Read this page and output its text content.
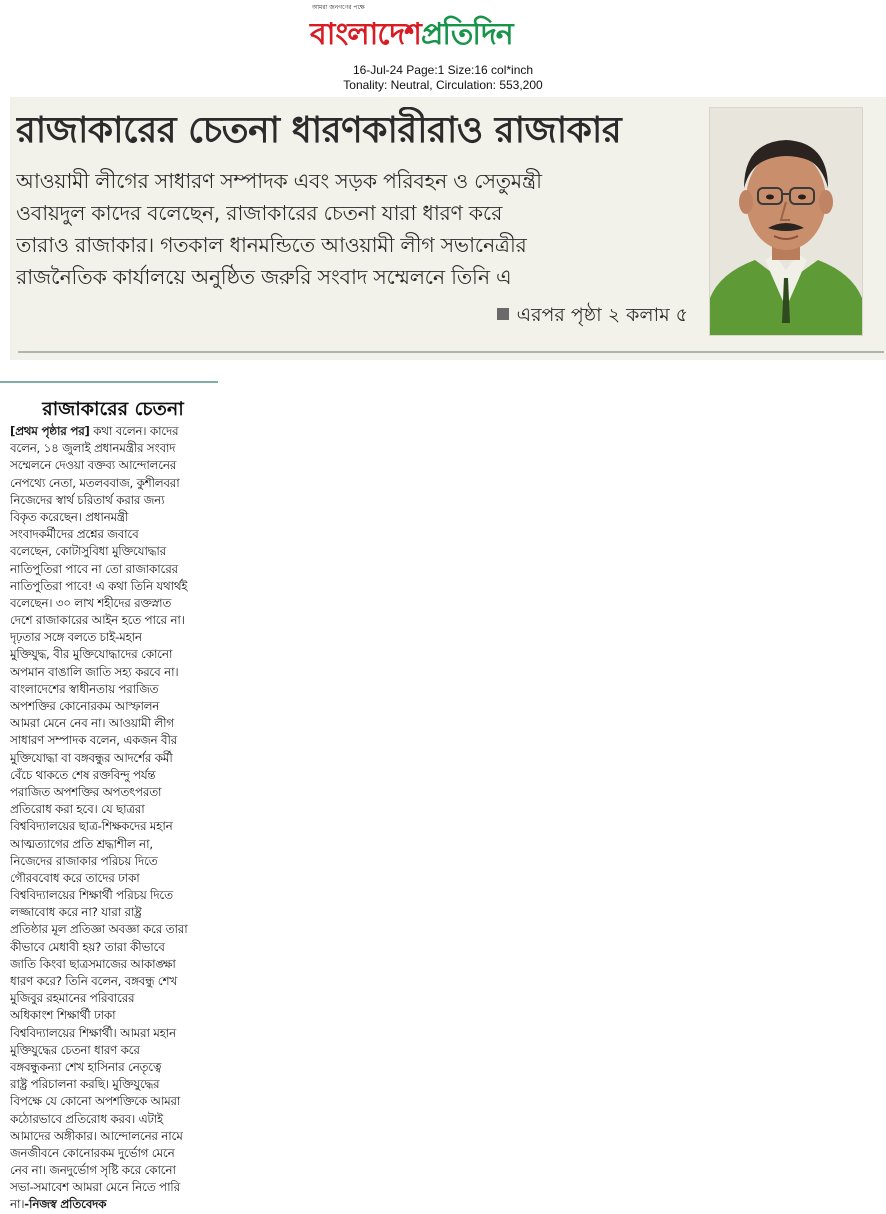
আমরা জনগণের পক্ষে
বাংলাদেশপ্রতিদিন
16-Jul-24 Page:1 Size:16 col*inch
Tonality: Neutral, Circulation: 553,200
রাজাকারের চেতনা ধারণকারীরাও রাজাকার
আওয়ামী লীগের সাধারণ সম্পাদক এবং সড়ক পরিবহন ও সেতুমন্ত্রী
ওবায়দুল কাদের বলেছেন, রাজাকারের চেতনা যারা ধারণ করে
তারাও রাজাকার। গতকাল ধানমন্ডিতে আওয়ামী লীগ সভানেত্রীর
রাজনৈতিক কার্যালয়ে অনুষ্ঠিত জরুরি সংবাদ সম্মেলনে তিনি এ
এরপর পৃষ্ঠা ২ কলাম ৫
রাজাকারের চেতনা
[প্রথম পৃষ্ঠার পর] কথা বলেন। কাদের
বলেন, ১৪ জুলাই প্রধানমন্ত্রীর সংবাদ
সম্মেলনে দেওয়া বক্তব্য আন্দোলনের
নেপথ্যে নেতা, মতলববাজ, কুশীলবরা
নিজেদের স্বার্থ চরিতার্থ করার জন্য
বিকৃত করেছেন। প্রধানমন্ত্রী
সংবাদকর্মীদের প্রশ্নের জবাবে
বলেছেন, কোটাসুবিধা মুক্তিযোদ্ধার
নাতিপুতিরা পাবে না তো রাজাকারের
নাতিপুতিরা পাবে! এ কথা তিনি যথার্থই
বলেছেন। ৩০ লাখ শহীদের রক্তস্নাত
দেশে রাজাকারের আইন হতে পারে না।
দৃঢ়তার সঙ্গে বলতে চাই-মহান
মুক্তিযুদ্ধ, বীর মুক্তিযোদ্ধাদের কোনো
অপমান বাঙালি জাতি সহ্য করবে না।
বাংলাদেশের স্বাধীনতায় পরাজিত
অপশক্তির কোনোরকম আস্ফালন
আমরা মেনে নেব না। আওয়ামী লীগ
সাধারণ সম্পাদক বলেন, একজন বীর
মুক্তিযোদ্ধা বা বঙ্গবন্ধুর আদর্শের কর্মী
বেঁচে থাকতে শেষ রক্তবিন্দু পর্যন্ত
পরাজিত অপশক্তির অপতৎপরতা
প্রতিরোধ করা হবে। যে ছাত্ররা
বিশ্ববিদ্যালয়ের ছাত্র-শিক্ষকদের মহান
আত্মত্যাগের প্রতি শ্রদ্ধাশীল না,
নিজেদের রাজাকার পরিচয় দিতে
গৌরববোধ করে তাদের ঢাকা
বিশ্ববিদ্যালয়ের শিক্ষার্থী পরিচয় দিতে
লজ্জাবোধ করে না? যারা রাষ্ট্র
প্রতিষ্ঠার মূল প্রতিজ্ঞা অবজ্ঞা করে তারা
কীভাবে মেধাবী হয়? তারা কীভাবে
জাতি কিংবা ছাত্রসমাজের আকাঙ্ক্ষা
ধারণ করে? তিনি বলেন, বঙ্গবন্ধু শেখ
মুজিবুর রহমানের পরিবারের
অধিকাংশ শিক্ষার্থী ঢাকা
বিশ্ববিদ্যালয়ের শিক্ষার্থী। আমরা মহান
মুক্তিযুদ্ধের চেতনা ধারণ করে
বঙ্গবন্ধুকন্যা শেখ হাসিনার নেতৃত্বে
রাষ্ট্র পরিচালনা করছি। মুক্তিযুদ্ধের
বিপক্ষে যে কোনো অপশক্তিকে আমরা
কঠোরভাবে প্রতিরোধ করব। এটাই
আমাদের অঙ্গীকার। আন্দোলনের নামে
জনজীবনে কোনোরকম দুর্ভোগ মেনে
নেব না। জনদুর্ভোগ সৃষ্টি করে কোনো
সভা-সমাবেশ আমরা মেনে নিতে পারি
না।-নিজস্ব প্রতিবেদক
